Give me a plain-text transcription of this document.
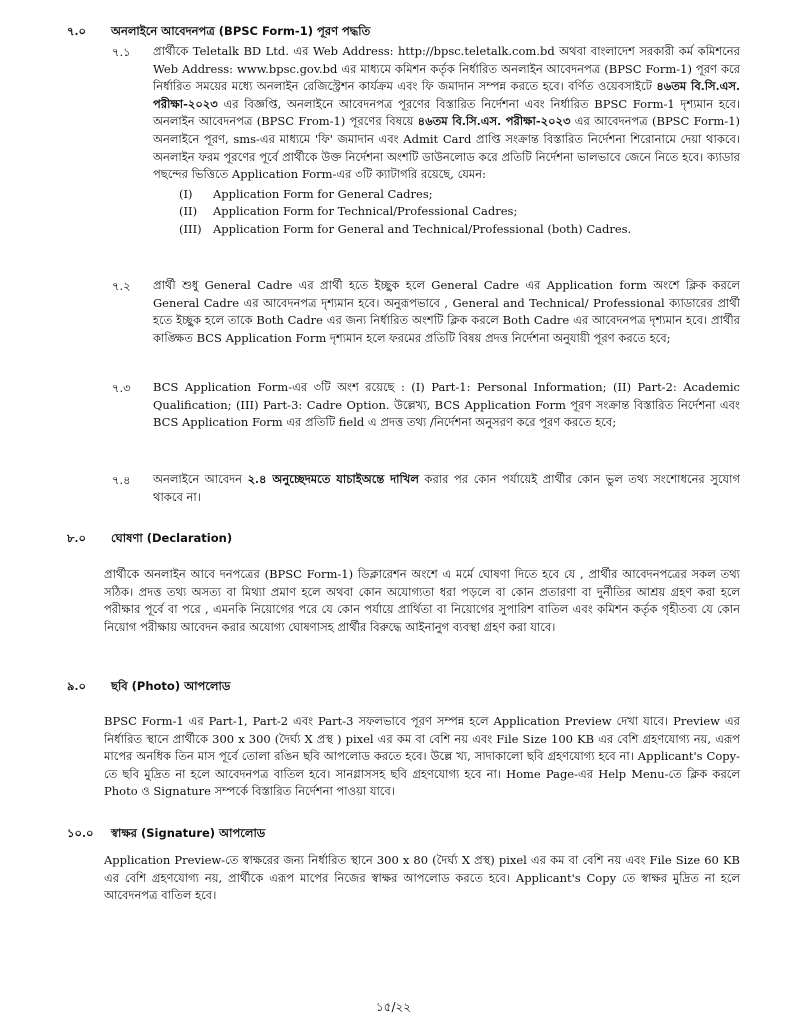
৭.০	অনলাইনে আবেদনপত্র (BPSC Form-1) পূরণ পদ্ধতি
৭.১	প্রার্থীকে Teletalk BD Ltd. এর Web Address: http://bpsc.teletalk.com.bd অথবা বাংলাদেশ সরকারী কর্ম কমিশনের Web Address: www.bpsc.gov.bd এর মাধ্যমে কমিশন কর্তৃক নির্ধারিত অনলাইন আবেদনপত্র (BPSC Form-1) পূরণ করে নির্ধারিত সময়ের মধ্যে অনলাইন রেজিস্ট্রেশন কার্যক্রম এবং ফি জমাদান সম্পন্ন করতে হবে। বর্ণিত ওয়েবসাইটে ৪৬তম বি.সি.এস. পরীক্ষা-২০২৩ এর বিজ্ঞপ্তি, অনলাইনে আবেদনপত্র পূরণের বিস্তারিত নির্দেশনা এবং নির্ধারিত BPSC Form-1 দৃশ্যমান হবে। অনলাইন আবেদনপত্র (BPSC From-1) পূরণের বিষয়ে ৪৬তম বি.সি.এস. পরীক্ষা-২০২৩ এর আবেদনপত্র (BPSC Form-1) অনলাইনে পূরণ, sms-এর মাধ্যমে 'ফি' জমাদান এবং Admit Card প্রাপ্তি সংক্রান্ত বিস্তারিত নির্দেশনা শিরোনামে দেয়া থাকবে। অনলাইন ফরম পূরণের পূর্বে প্রার্থীকে উক্ত নির্দেশনা অংশটি ডাউনলোড করে প্রতিটি নির্দেশনা ভালভাবে জেনে নিতে হবে। ক্যাডার পছন্দের ভিত্তিতে Application Form-এর ৩টি ক্যাটাগরি রয়েছে, যেমন:
(I)	Application Form for General Cadres;
(II)	Application Form for Technical/Professional Cadres;
(III) Application Form for General and Technical/Professional (both) Cadres.
৭.২	প্রার্থী শুধু General Cadre এর প্রার্থী হতে ইচ্ছুক হলে General Cadre এর Application form অংশে ক্লিক করলে General Cadre এর আবেদনপত্র দৃশ্যমান হবে। অনুরূপভাবে , General and Technical/ Professional ক্যাডারের প্রার্থী হতে ইচ্ছুক হলে তাকে Both Cadre এর জন্য নির্ধারিত অংশটি ক্লিক করলে Both Cadre এর আবেদনপত্র দৃশ্যমান হবে। প্রার্থীর কাঙ্ক্ষিত BCS Application Form দৃশ্যমান হলে ফরমের প্রতিটি বিষয় প্রদত্ত নির্দেশনা অনুযায়ী পূরণ করতে হবে;
৭.৩	BCS Application Form-এর ৩টি অংশ রয়েছে : (I) Part-1: Personal Information; (II) Part-2: Academic Qualification; (III) Part-3: Cadre Option. উল্লেখ্য, BCS Application Form পূরণ সংক্রান্ত বিস্তারিত নির্দেশনা এবং BCS Application Form এর প্রতিটি field এ প্রদত্ত তথ্য /নির্দেশনা অনুসরণ করে পূরণ করতে হবে;
৭.৪	অনলাইনে আবেদন ২.৪ অনুচ্ছেদমতে যাচাইঅন্তে দাখিল করার পর কোন পর্যায়েই প্রার্থীর কোন ভুল তথ্য সংশোধনের সুযোগ থাকবে না।
৮.০	ঘোষণা (Declaration)
প্রার্থীকে অনলাইন আবে দনপত্রের (BPSC Form-1) ডিক্লারেশন অংশে এ মর্মে ঘোষণা দিতে হবে যে , প্রার্থীর আবেদনপত্রের সকল তথ্য সঠিক। প্রদত্ত তথ্য অসত্য বা মিথ্যা প্রমাণ হলে অথবা কোন অযোগ্যতা ধরা পড়লে বা কোন প্রতারণা বা দুর্নীতির আশ্রয় গ্রহণ করা হলে পরীক্ষার পূর্বে বা পরে , এমনকি নিয়োগের পরে যে কোন পর্যায়ে প্রার্থিতা বা নিয়োগের সুপারিশ বাতিল এবং কমিশন কর্তৃক গৃহীতব্য যে কোন নিয়োগ পরীক্ষায় আবেদন করার অযোগ্য ঘোষণাসহ প্রার্থীর বিরুদ্ধে আইনানুগ ব্যবস্থা গ্রহণ করা যাবে।
৯.০	ছবি (Photo) আপলোড
BPSC Form-1 এর Part-1, Part-2 এবং Part-3 সফলভাবে পূরণ সম্পন্ন হলে Application Preview দেখা যাবে। Preview এর নির্ধারিত স্থানে প্রার্থীকে 300 x 300 (দৈর্ঘ্য X প্রস্থ ) pixel এর কম বা বেশি নয় এবং File Size 100 KB এর বেশি গ্রহণযোগ্য নয়, এরূপ মাপের অনধিক তিন মাস পূর্বে তোলা রঙিন ছবি আপলোড করতে হবে। উল্লে খ্য, সাদাকালো ছবি গ্রহণযোগ্য হবে না। Applicant's Copy-তে ছবি মুদ্রিত না হলে আবেদনপত্র বাতিল হবে। সানগ্লাসসহ ছবি গ্রহণযোগ্য হবে না। Home Page-এর Help Menu-তে ক্লিক করলে Photo ও Signature সম্পর্কে বিস্তারিত নির্দেশনা পাওয়া যাবে।
১০.০	স্বাক্ষর (Signature) আপলোড
Application Preview-তে স্বাক্ষরের জন্য নির্ধারিত স্থানে 300 x 80 (দৈর্ঘ্য X প্রস্থ) pixel এর কম বা বেশি নয় এবং File Size 60 KB এর বেশি গ্রহণযোগ্য নয়, প্রার্থীকে এরূপ মাপের নিজের স্বাক্ষর আপলোড করতে হবে। Applicant's Copy তে স্বাক্ষর মুদ্রিত না হলে আবেদনপত্র বাতিল হবে।
১৫/২২
